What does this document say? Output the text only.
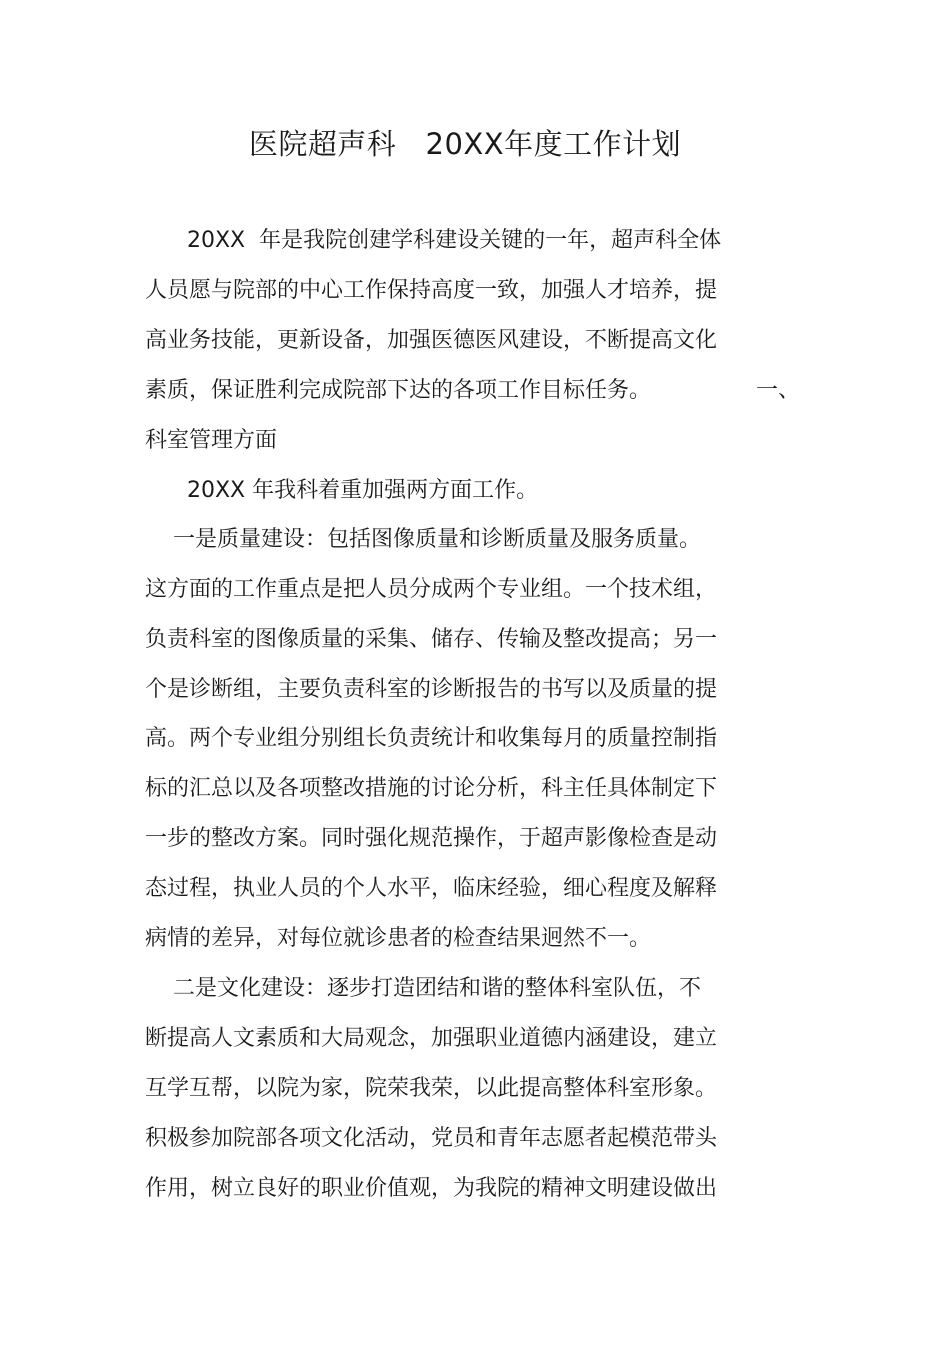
医院超声科   20XX年度工作计划
20XX  年是我院创建学科建设关键的一年，超声科全体
人员愿与院部的中心工作保持高度一致，加强人才培养，提
高业务技能，更新设备，加强医德医风建设，不断提高文化
素质，保证胜利完成院部下达的各项工作目标任务。	一、
科室管理方面
20XX 年我科着重加强两方面工作。
一是质量建设：包括图像质量和诊断质量及服务质量。
这方面的工作重点是把人员分成两个专业组。一个技术组，
负责科室的图像质量的采集、储存、传输及整改提高；另一
个是诊断组，主要负责科室的诊断报告的书写以及质量的提
高。两个专业组分别组长负责统计和收集每月的质量控制指
标的汇总以及各项整改措施的讨论分析，科主任具体制定下
一步的整改方案。同时强化规范操作，于超声影像检查是动
态过程，执业人员的个人水平，临床经验，细心程度及解释
病情的差异，对每位就诊患者的检查结果迥然不一。
二是文化建设：逐步打造团结和谐的整体科室队伍，不
断提高人文素质和大局观念，加强职业道德内涵建设，建立
互学互帮，以院为家，院荣我荣，以此提高整体科室形象。
积极参加院部各项文化活动，党员和青年志愿者起模范带头
作用，树立良好的职业价值观，为我院的精神文明建设做出
